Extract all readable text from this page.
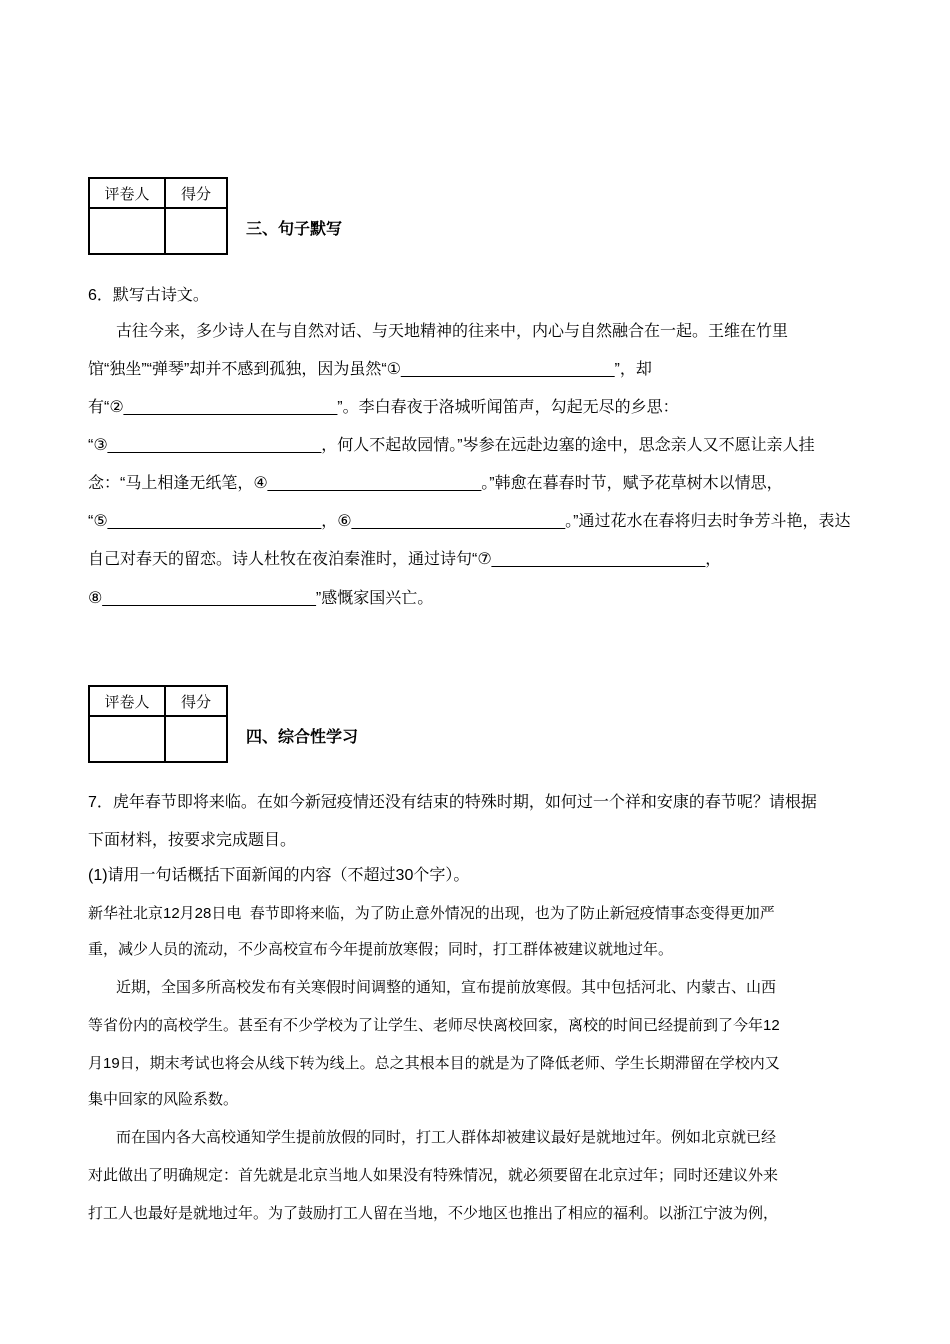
评卷人	得分

三、句子默写
6．默写古诗文。
古往今来，多少诗人在与自然对话、与天地精神的往来中，内心与自然融合在一起。王维在竹里
馆“独坐”“弹琴”却并不感到孤独，因为虽然“①________________________”，却
有“②________________________”。李白春夜于洛城听闻笛声，勾起无尽的乡思：
“③________________________，何人不起故园情。”岑参在远赴边塞的途中，思念亲人又不愿让亲人挂
念：“马上相逢无纸笔，④________________________。”韩愈在暮春时节，赋予花草树木以情思，
“⑤________________________，⑥________________________。”通过花水在春将归去时争芳斗艳，表达
自己对春天的留恋。诗人杜牧在夜泊秦淮时，通过诗句“⑦________________________，
⑧________________________”感慨家国兴亡。
评卷人	得分

四、综合性学习
7．虎年春节即将来临。在如今新冠疫情还没有结束的特殊时期，如何过一个祥和安康的春节呢？请根据
下面材料，按要求完成题目。
(1)请用一句话概括下面新闻的内容（不超过30个字）。
新华社北京12月28日电  春节即将来临，为了防止意外情况的出现，也为了防止新冠疫情事态变得更加严
重，减少人员的流动，不少高校宣布今年提前放寒假；同时，打工群体被建议就地过年。
近期，全国多所高校发布有关寒假时间调整的通知，宣布提前放寒假。其中包括河北、内蒙古、山西
等省份内的高校学生。甚至有不少学校为了让学生、老师尽快离校回家，离校的时间已经提前到了今年12
月19日，期末考试也将会从线下转为线上。总之其根本目的就是为了降低老师、学生长期滞留在学校内又
集中回家的风险系数。
而在国内各大高校通知学生提前放假的同时，打工人群体却被建议最好是就地过年。例如北京就已经
对此做出了明确规定：首先就是北京当地人如果没有特殊情况，就必须要留在北京过年；同时还建议外来
打工人也最好是就地过年。为了鼓励打工人留在当地，不少地区也推出了相应的福利。以浙江宁波为例，
